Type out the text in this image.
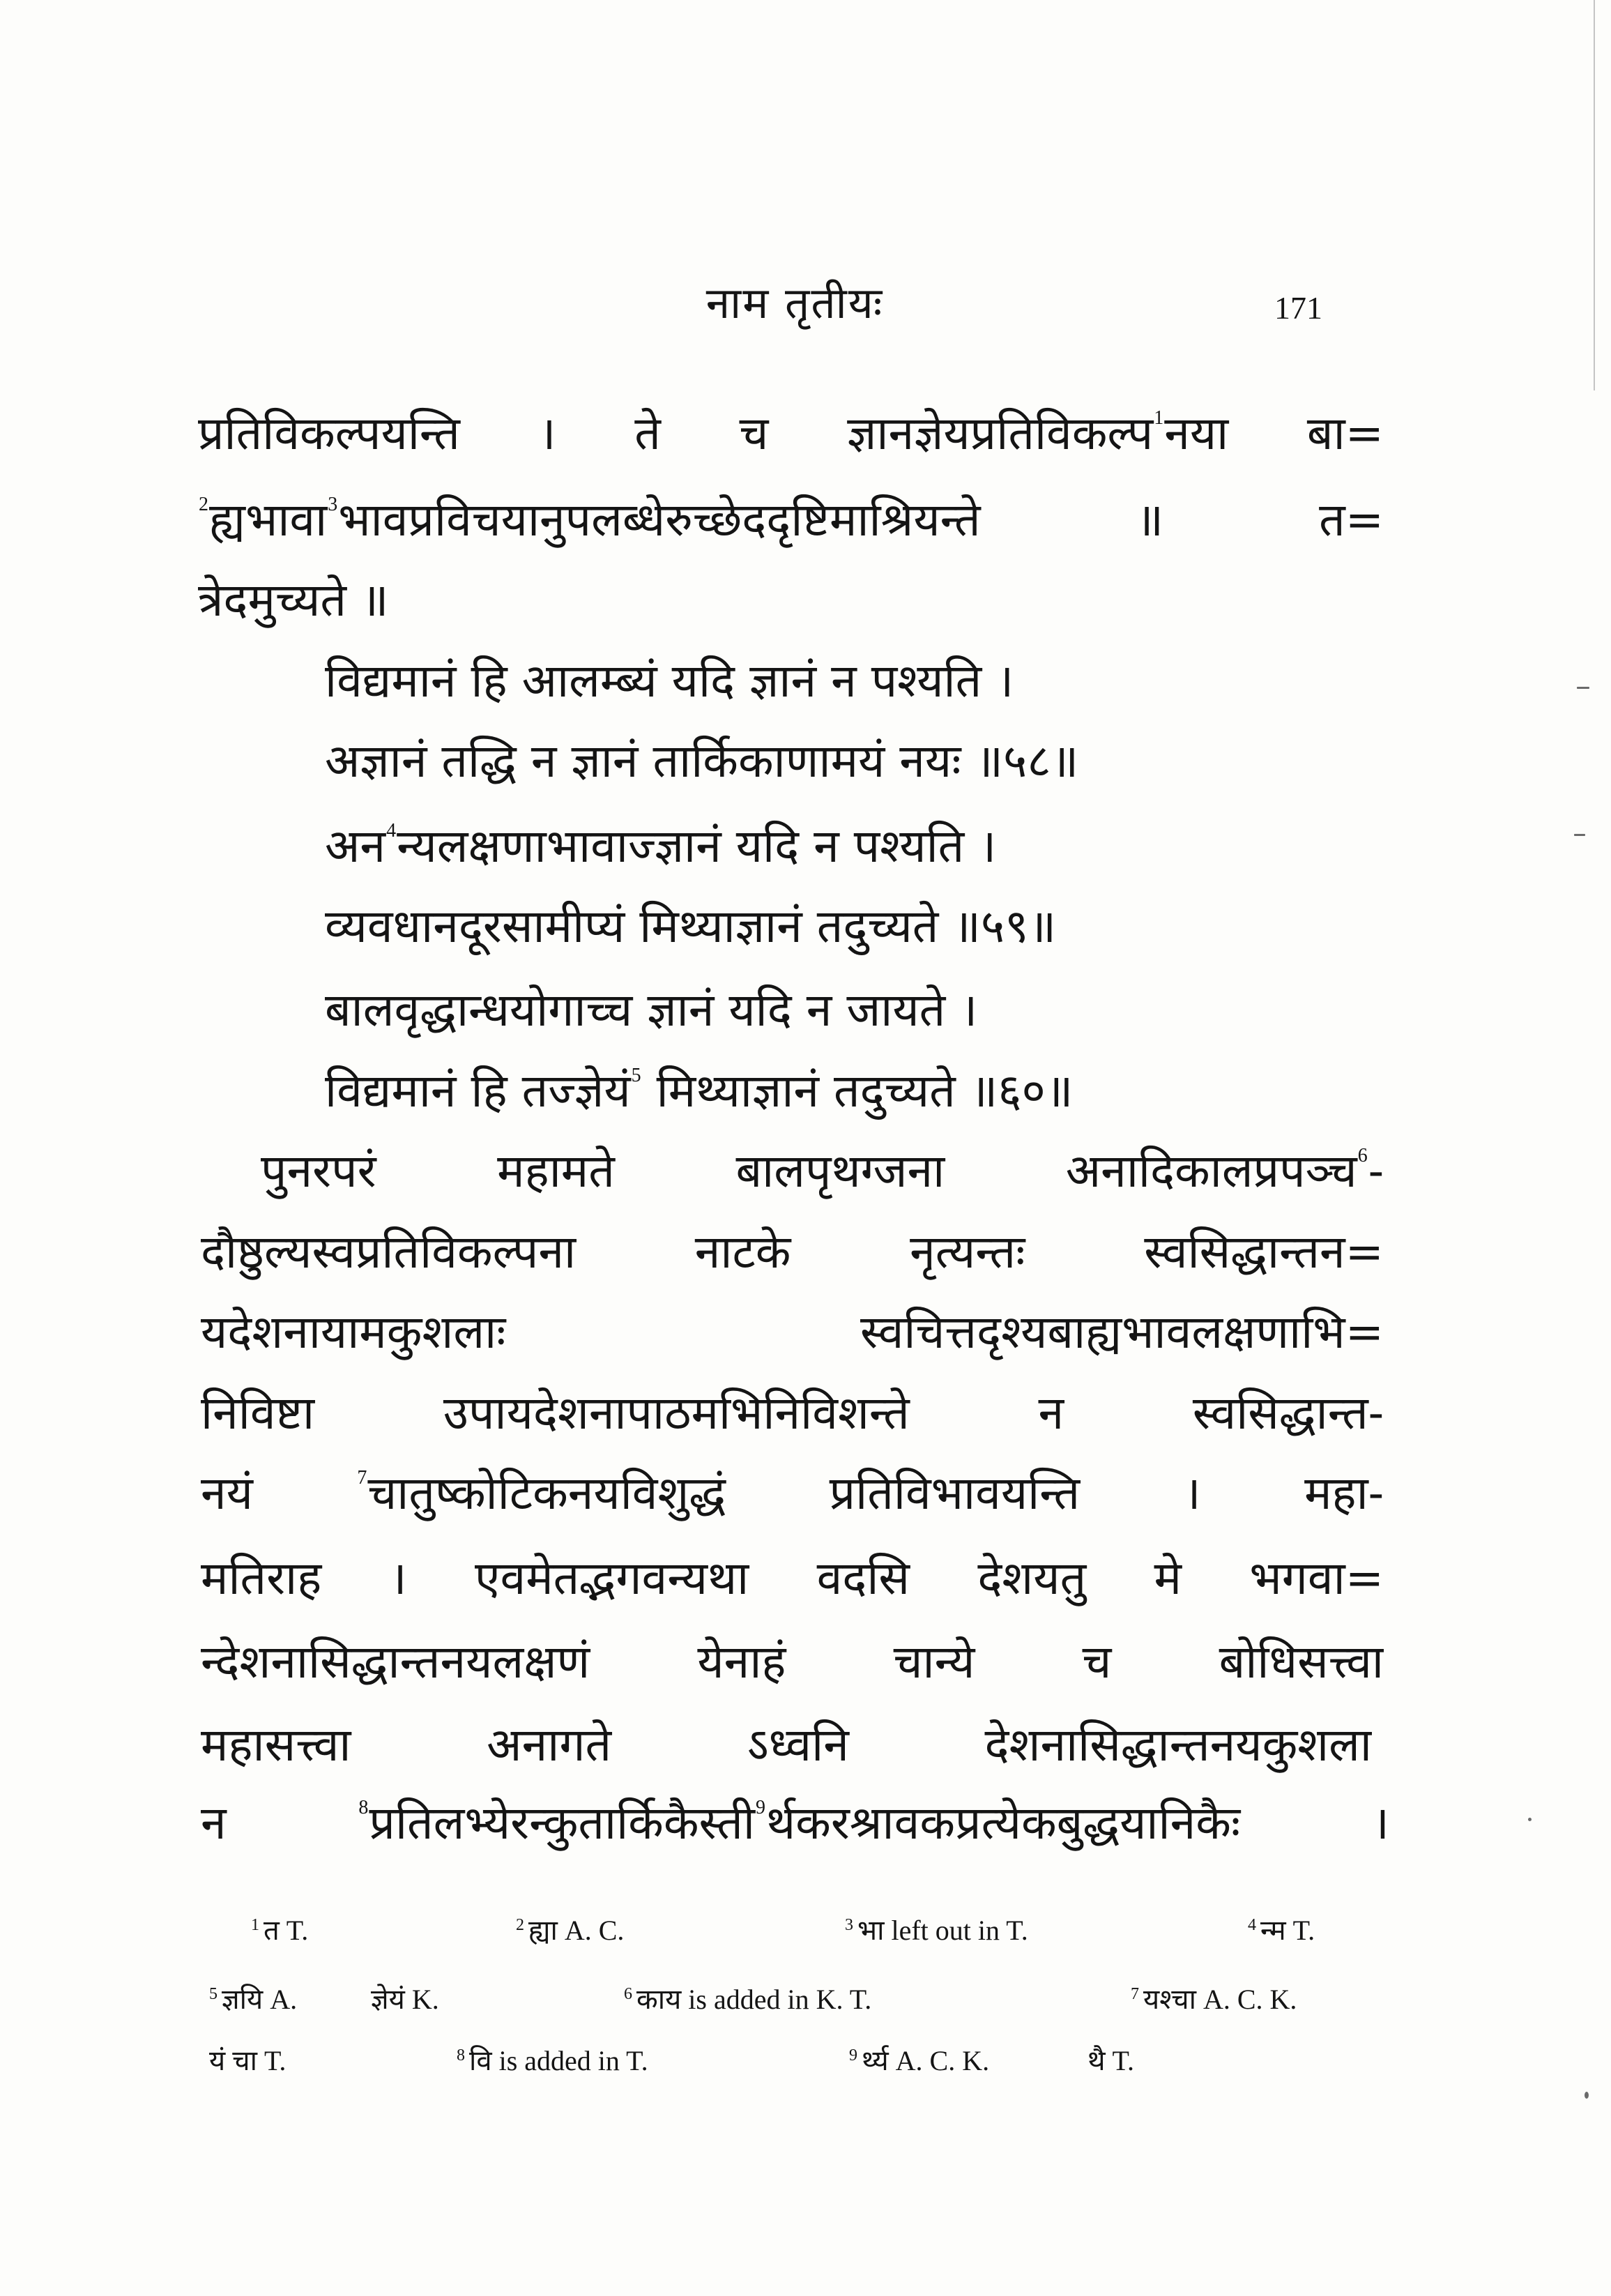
नाम तृतीयः	171
प्रतिविकल्पयन्ति । ते च ज्ञानज्ञेयप्रतिविकल्प$^1$नया बा=
$^2$ह्यभावा$^3$भावप्रविचयानुपलब्धेरुच्छेददृष्टिमाश्रियन्ते ॥ त=
त्रेदमुच्यते ॥
विद्यमानं हि आलम्ब्यं यदि ज्ञानं न पश्यति ।
अज्ञानं तद्धि न ज्ञानं तार्किकाणामयं नयः ॥५८॥
अन$^4$न्यलक्षणाभावाज्ज्ञानं यदि न पश्यति ।
व्यवधानदूरसामीप्यं मिथ्याज्ञानं तदुच्यते ॥५९॥
बालवृद्धान्धयोगाच्च ज्ञानं यदि न जायते ।
विद्यमानं हि तज्ज्ञेयं$^5$ मिथ्याज्ञानं तदुच्यते ॥६०॥
पुनरपरं महामते बालपृथग्जना अनादिकालप्रपञ्च$^6$-
दौष्ठुल्यस्वप्रतिविकल्पना नाटके नृत्यन्तः स्वसिद्धान्तन=
यदेशनायामकुशलाः स्वचित्तदृश्यबाह्यभावलक्षणाभि=
निविष्टा उपायदेशनापाठमभिनिविशन्ते न स्वसिद्धान्त-
नयं $^7$चातुष्कोटिकनयविशुद्धं प्रतिविभावयन्ति । महा-
मतिराह । एवमेतद्भगवन्यथा वदसि देशयतु मे भगवा=
न्देशनासिद्धान्तनयलक्षणं येनाहं चान्ये च बोधिसत्त्वा
महासत्त्वा अनागते ऽध्वनि देशनासिद्धान्तनयकुशला
न $^8$प्रतिलभ्येरन्कुतार्किकैस्ती$^9$र्थकरश्रावकप्रत्येकबुद्धयानिकैः ।
$^1$ त T.	$^2$ ह्या A. C.	$^3$ भा left out in T.	$^4$ न्म T.
$^5$ ज्ञयि A.	ज्ञेयं K.	$^6$ काय is added in K. T.	$^7$ यश्चा A. C. K.
यं चा T.	$^8$ वि is added in T.	$^9$ र्थ्य A. C. K.	थै T.
